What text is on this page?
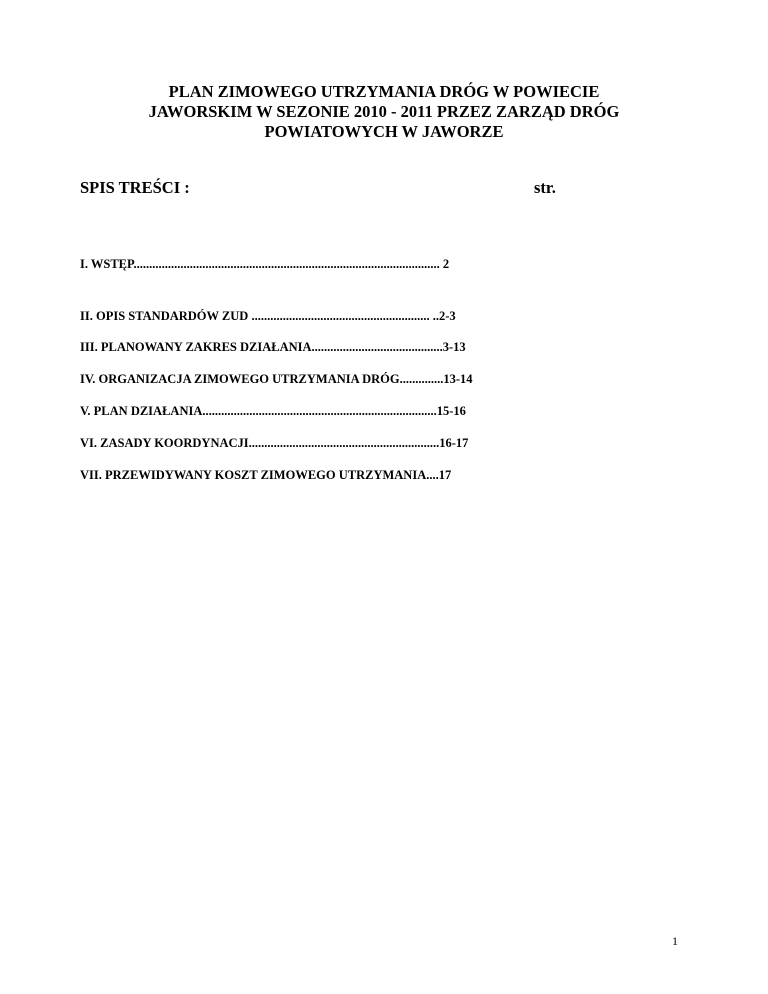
PLAN ZIMOWEGO UTRZYMANIA DRÓG W POWIECIE
JAWORSKIM W SEZONIE 2010 - 2011 PRZEZ ZARZĄD DRÓG
POWIATOWYCH W JAWORZE

SPIS TREŚCI :	str.

I. WSTĘP.................................................................................................. 2

II. OPIS STANDARDÓW ZUD ......................................................... ..2-3

III. PLANOWANY ZAKRES DZIAŁANIA..........................................3-13

IV. ORGANIZACJA ZIMOWEGO UTRZYMANIA DRÓG..............13-14

V. PLAN DZIAŁANIA...........................................................................15-16

VI. ZASADY KOORDYNACJI.............................................................16-17

VII. PRZEWIDYWANY KOSZT ZIMOWEGO UTRZYMANIA....17

1
